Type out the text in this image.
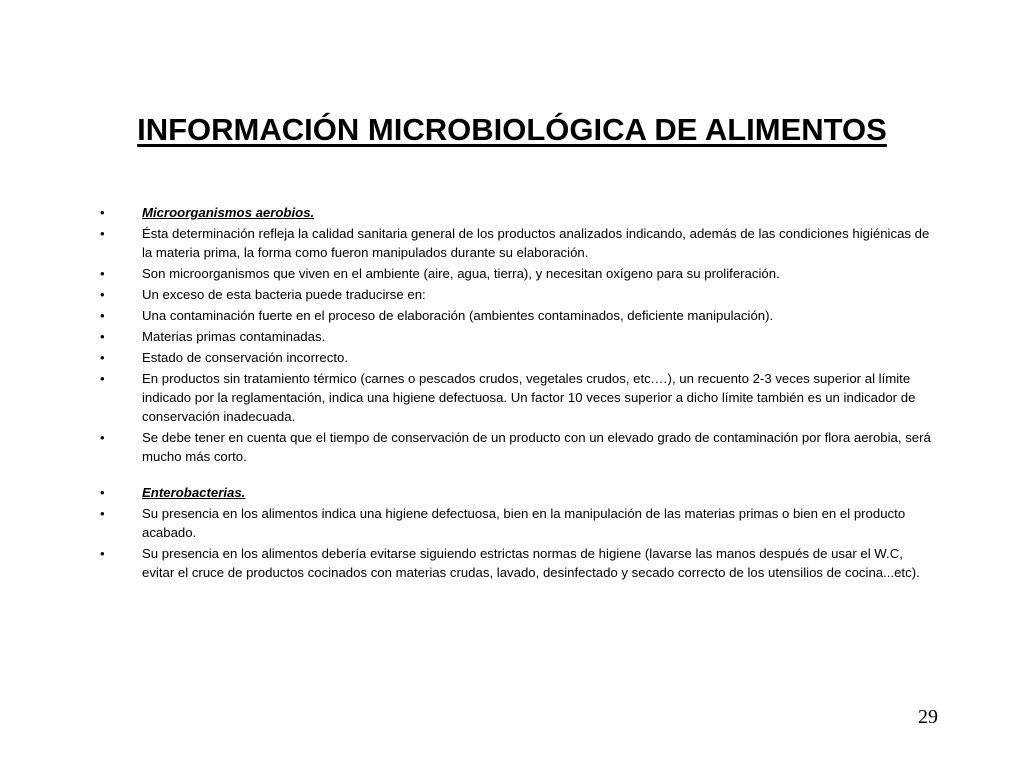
INFORMACIÓN MICROBIOLÓGICA DE ALIMENTOS
•	Microorganismos aerobios.
•	Ésta determinación refleja la calidad sanitaria general de los productos analizados indicando, además de las condiciones higiénicas de la materia prima, la forma como fueron manipulados durante su elaboración.
•	Son microorganismos que viven en el ambiente (aire, agua, tierra), y necesitan oxígeno para su proliferación.
•	Un exceso de esta bacteria puede traducirse en:
•	Una contaminación fuerte en el proceso de elaboración (ambientes contaminados, deficiente manipulación).
•	Materias primas contaminadas.
•	Estado de conservación incorrecto.
•	En productos sin tratamiento térmico (carnes o pescados crudos, vegetales crudos, etc.…), un recuento 2-3 veces superior al límite indicado por la reglamentación, indica una higiene defectuosa. Un factor 10 veces superior a dicho límite también es un indicador de conservación inadecuada.
•	Se debe tener en cuenta que el tiempo de conservación de un producto con un elevado grado de contaminación por flora aerobia, será mucho más corto.
•	Enterobacterias.
•	Su presencia en los alimentos indica una higiene defectuosa, bien en la manipulación de las materias primas o bien en el producto acabado.
•	Su presencia en los alimentos debería evitarse siguiendo estrictas normas de higiene (lavarse las manos después de usar el W.C, evitar el cruce de productos cocinados con materias crudas, lavado, desinfectado y secado correcto de los utensilios de cocina...etc).
29
